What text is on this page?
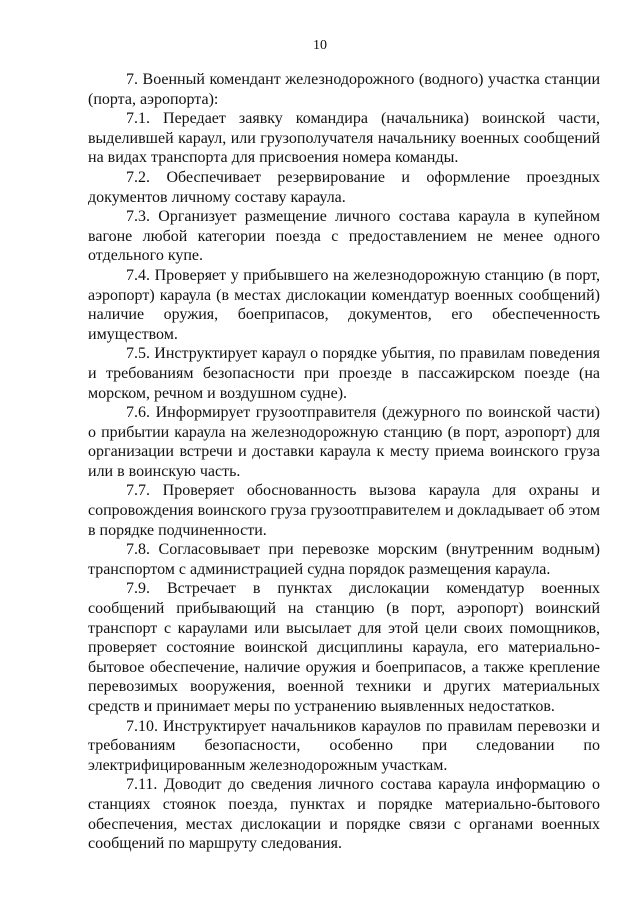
10

7. Военный комендант железнодорожного (водного) участка станции (порта, аэропорта):

7.1. Передает заявку командира (начальника) воинской части, выделившей караул, или грузополучателя начальнику военных сообщений на видах транспорта для присвоения номера команды.

7.2. Обеспечивает резервирование и оформление проездных документов личному составу караула.

7.3. Организует размещение личного состава караула в купейном вагоне любой категории поезда с предоставлением не менее одного отдельного купе.

7.4. Проверяет у прибывшего на железнодорожную станцию (в порт, аэропорт) караула (в местах дислокации комендатур военных сообщений) наличие оружия, боеприпасов, документов, его обеспеченность имуществом.

7.5. Инструктирует караул о порядке убытия, по правилам поведения и требованиям безопасности при проезде в пассажирском поезде (на морском, речном и воздушном судне).

7.6. Информирует грузоотправителя (дежурного по воинской части) о прибытии караула на железнодорожную станцию (в порт, аэропорт) для организации встречи и доставки караула к месту приема воинского груза или в воинскую часть.

7.7. Проверяет обоснованность вызова караула для охраны и сопровождения воинского груза грузоотправителем и докладывает об этом в порядке подчиненности.

7.8. Согласовывает при перевозке морским (внутренним водным) транспортом с администрацией судна порядок размещения караула.

7.9. Встречает в пунктах дислокации комендатур военных сообщений прибывающий на станцию (в порт, аэропорт) воинский транспорт с караулами или высылает для этой цели своих помощников, проверяет состояние воинской дисциплины караула, его материально-бытовое обеспечение, наличие оружия и боеприпасов, а также крепление перевозимых вооружения, военной техники и других материальных средств и принимает меры по устранению выявленных недостатков.

7.10. Инструктирует начальников караулов по правилам перевозки и требованиям безопасности, особенно при следовании по электрифицированным железнодорожным участкам.

7.11. Доводит до сведения личного состава караула информацию о станциях стоянок поезда, пунктах и порядке материально-бытового обеспечения, местах дислокации и порядке связи с органами военных сообщений по маршруту следования.
